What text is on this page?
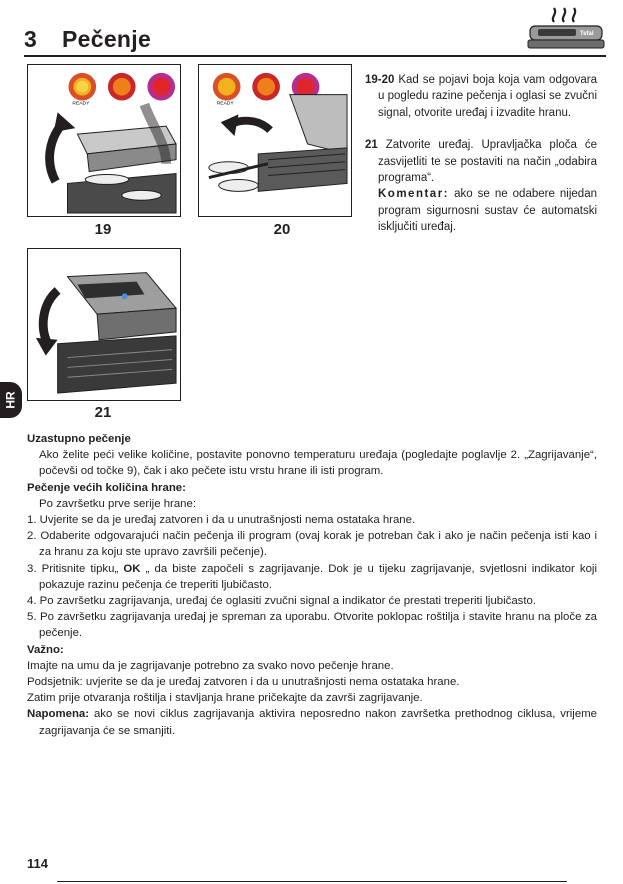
3 Pečenje	Tefal
READY
19
READY
20
21

19-20 Kad se pojavi boja koja vam odgovara u pogledu razine pečenja i oglasi se zvučni signal, otvorite uređaj i izvadite hranu.

21 Zatvorite uređaj. Upravljačka ploča će zasvijetliti te se postaviti na način „odabira programa“.

Komentar: ako se ne odabere nijedan program sigurnosni sustav će automatski isključiti uređaj.

HR
Uzastupno pečenje
Ako želite peći velike količine, postavite ponovno temperaturu uređaja (pogledajte poglavlje 2. „Zagrijavanje“, počevši od točke 9), čak i ako pečete istu vrstu hrane ili isti program.
Pečenje većih količina hrane:
Po završetku prve serije hrane:
1. Uvjerite se da je uređaj zatvoren i da u unutrašnjosti nema ostataka hrane.
2. Odaberite odgovarajući način pečenja ili program (ovaj korak je potreban čak i ako je način pečenja isti kao i za hranu za koju ste upravo završili pečenje).
3. Pritisnite tipku„ OK „ da biste započeli s zagrijavanje. Dok je u tijeku zagrijavanje, svjetlosni indikator koji pokazuje razinu pečenja će treperiti ljubičasto.
4. Po završetku zagrijavanja, uređaj će oglasiti zvučni signal a indikator će prestati treperiti ljubičasto.
5. Po završetku zagrijavanja uređaj je spreman za uporabu. Otvorite poklopac roštilja i stavite hranu na ploče za pečenje.
Važno:
Imajte na umu da je zagrijavanje potrebno za svako novo pečenje hrane.
Podsjetnik: uvjerite se da je uređaj zatvoren i da u unutrašnjosti nema ostataka hrane.
Zatim prije otvaranja roštilja i stavljanja hrane pričekajte da završi zagrijavanje.
Napomena: ako se novi ciklus zagrijavanja aktivira neposredno nakon završetka prethodnog ciklusa, vrijeme zagrijavanja će se smanjiti.
114
